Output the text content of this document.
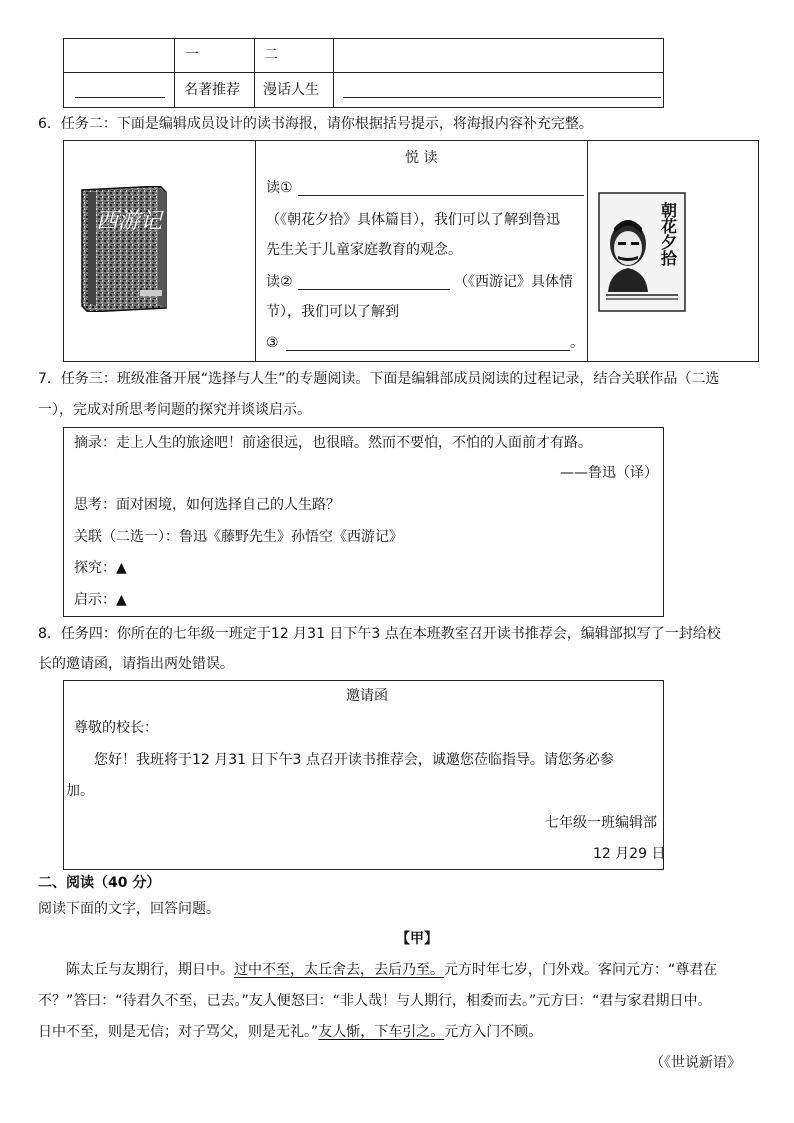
一	二
名著推荐 漫话人生
6．任务二：下面是编辑成员设计的读书海报，请你根据括号提示，将海报内容补充完整。
西游记
悦 读
读①
（《朝花夕拾》具体篇目），我们可以了解到鲁迅
先生关于儿童家庭教育的观念。
读②	（《西游记》具体情
节），我们可以了解到
③	。
朝花夕拾
7．任务三：班级准备开展“选择与人生”的专题阅读。下面是编辑部成员阅读的过程记录，结合关联作品（二选
一），完成对所思考问题的探究并谈谈启示。
摘录：走上人生的旅途吧！前途很远，也很暗。然而不要怕，不怕的人面前才有路。
——鲁迅（译）
思考：面对困境，如何选择自己的人生路？
关联（二选一）：鲁迅《藤野先生》孙悟空《西游记》
探究：▲
启示：▲
8．任务四：你所在的七年级一班定于12 月31 日下午3 点在本班教室召开读书推荐会，编辑部拟写了一封给校
长的邀请函，请指出两处错误。
邀请函
尊敬的校长：
您好！我班将于12 月31 日下午3 点召开读书推荐会，诚邀您莅临指导。请您务必参
加。
七年级一班编辑部
12 月29 日
二、阅读（40 分）
阅读下面的文字，回答问题。
【甲】
陈太丘与友期行，期日中。过中不至，太丘舍去，去后乃至。元方时年七岁，门外戏。客问元方：“尊君在
不？”答曰：“待君久不至，已去。”友人便怒曰：“非人哉！与人期行，相委而去。”元方曰：“君与家君期日中。
日中不至，则是无信；对子骂父，则是无礼。”友人惭，下车引之。元方入门不顾。
（《世说新语》
